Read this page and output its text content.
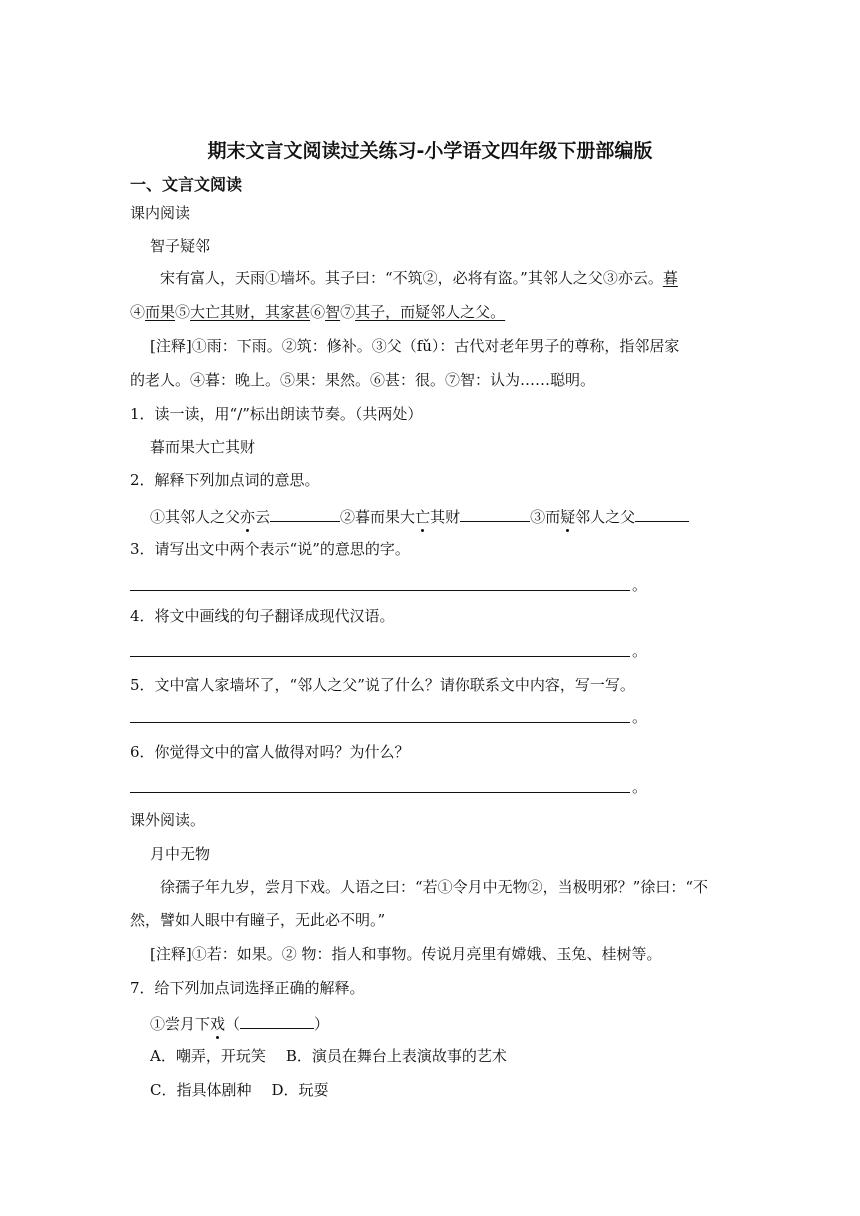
期末文言文阅读过关练习-小学语文四年级下册部编版
一、文言文阅读
课内阅读
智子疑邻
宋有富人，天雨①墙坏。其子曰：“不筑②，必将有盗。”其邻人之父③亦云。暮
④而果⑤大亡其财，其家甚⑥智⑦其子，而疑邻人之父。
[注释]①雨：下雨。②筑：修补。③父（fǔ）：古代对老年男子的尊称，指邻居家
的老人。④暮：晚上。⑤果：果然。⑥甚：很。⑦智：认为……聪明。
1．读一读，用“/”标出朗读节奏。（共两处）
暮而果大亡其财
2．解释下列加点词的意思。
①其邻人之父亦云	②暮而果大亡其财	③而疑邻人之父
3．请写出文中两个表示“说”的意思的字。
。
4．将文中画线的句子翻译成现代汉语。
。
5．文中富人家墙坏了，“邻人之父”说了什么？请你联系文中内容，写一写。
。
6．你觉得文中的富人做得对吗？为什么？
。
课外阅读。
月中无物
徐孺子年九岁，尝月下戏。人语之曰：“若①令月中无物②，当极明邪？”徐曰：“不
然，譬如人眼中有瞳子，无此必不明。”
[注释]①若：如果。② 物：指人和事物。传说月亮里有嫦娥、玉兔、桂树等。
7．给下列加点词选择正确的解释。
①尝月下戏（	）
A．嘲弄，开玩笑 B．演员在舞台上表演故事的艺术
C．指具体剧种 D．玩耍
